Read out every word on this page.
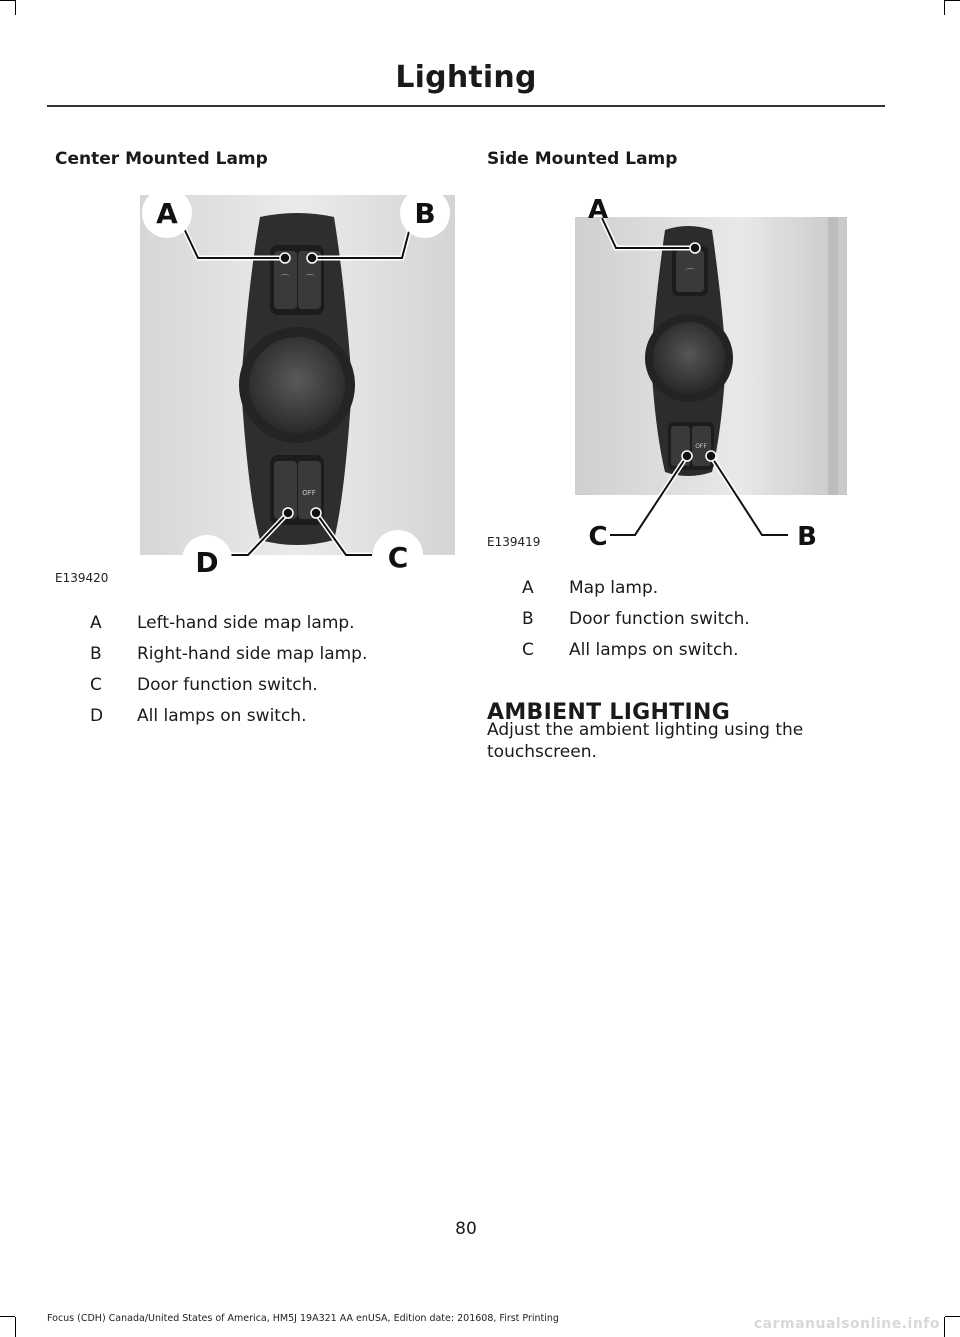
Lighting
Center Mounted Lamp
⌒ ⌒
OFF
A	B
D	C
E139420
A	Left-hand side map lamp.
B	Right-hand side map lamp.
C	Door function switch.
D	All lamps on switch.
Side Mounted Lamp
⌒
OFF
A
C	B
E139419
A	Map lamp.
B	Door function switch.
C	All lamps on switch.
AMBIENT LIGHTING
Adjust the ambient lighting using the touchscreen.
80
Focus (CDH) Canada/United States of America, HM5J 19A321 AA enUSA, Edition date: 201608, First Printing	carmanualsonline.info
